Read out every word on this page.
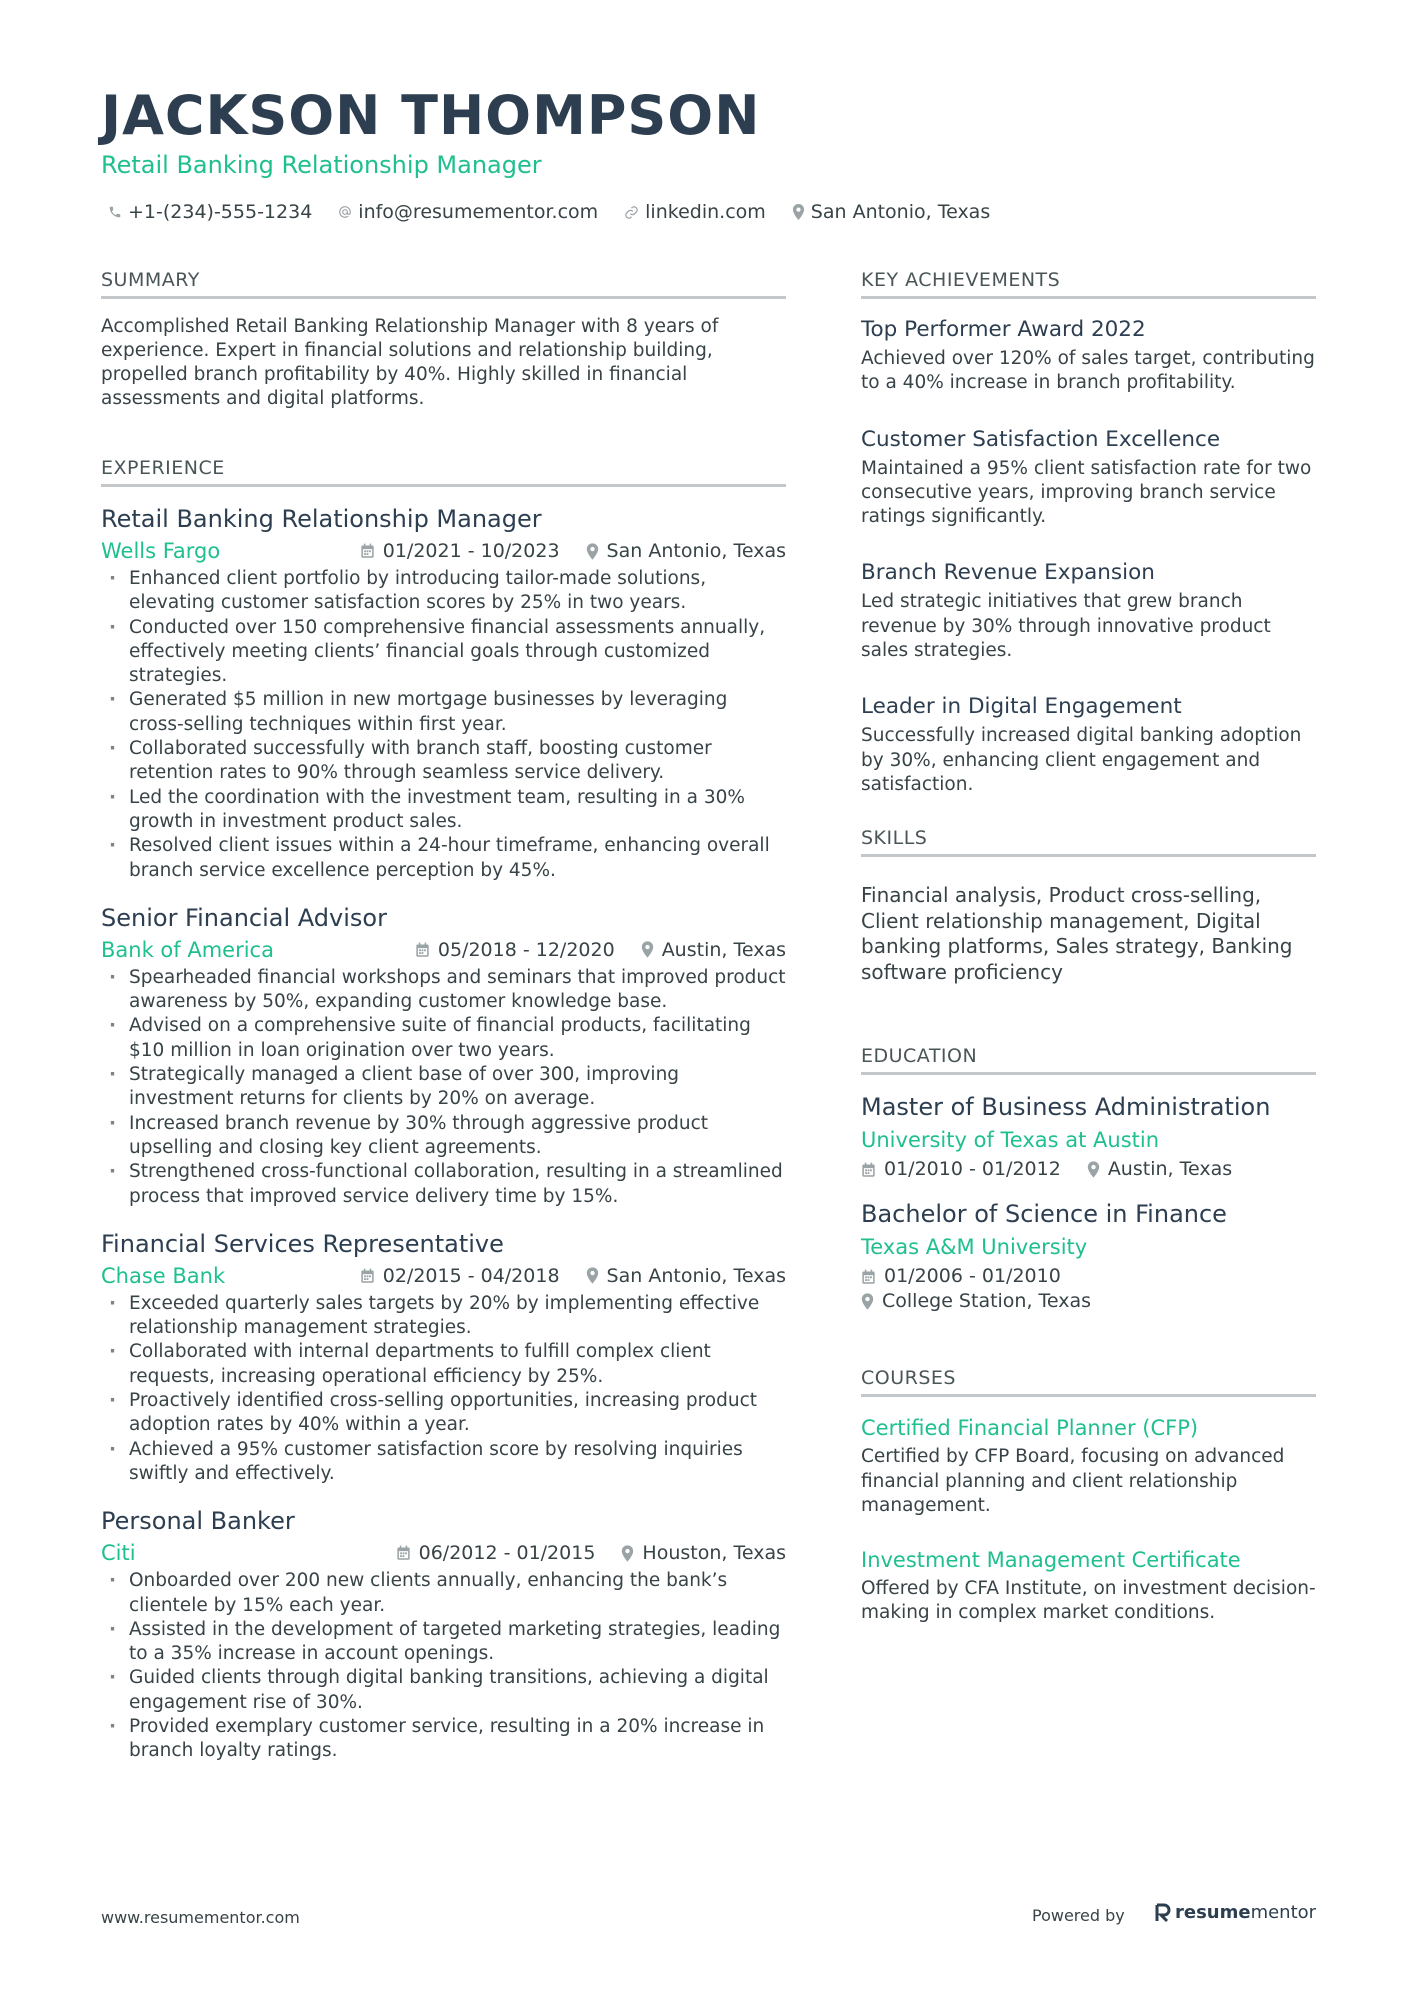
JACKSON THOMPSON
Retail Banking Relationship Manager
+1-(234)-555-1234 info@resumementor.com linkedin.com San Antonio, Texas
SUMMARY
Accomplished Retail Banking Relationship Manager with 8 years of experience. Expert in financial solutions and relationship building, propelled branch profitability by 40%. Highly skilled in financial assessments and digital platforms.
EXPERIENCE
Retail Banking Relationship Manager
Wells Fargo	01/2021 - 10/2023 San Antonio, Texas
· Enhanced client portfolio by introducing tailor-made solutions, elevating customer satisfaction scores by 25% in two years.
· Conducted over 150 comprehensive financial assessments annually, effectively meeting clients’ financial goals through customized strategies.
· Generated $5 million in new mortgage businesses by leveraging cross-selling techniques within first year.
· Collaborated successfully with branch staff, boosting customer retention rates to 90% through seamless service delivery.
· Led the coordination with the investment team, resulting in a 30% growth in investment product sales.
· Resolved client issues within a 24-hour timeframe, enhancing overall branch service excellence perception by 45%.
Senior Financial Advisor
Bank of America	05/2018 - 12/2020 Austin, Texas
· Spearheaded financial workshops and seminars that improved product awareness by 50%, expanding customer knowledge base.
· Advised on a comprehensive suite of financial products, facilitating $10 million in loan origination over two years.
· Strategically managed a client base of over 300, improving investment returns for clients by 20% on average.
· Increased branch revenue by 30% through aggressive product upselling and closing key client agreements.
· Strengthened cross-functional collaboration, resulting in a streamlined process that improved service delivery time by 15%.
Financial Services Representative
Chase Bank	02/2015 - 04/2018 San Antonio, Texas
· Exceeded quarterly sales targets by 20% by implementing effective relationship management strategies.
· Collaborated with internal departments to fulfill complex client requests, increasing operational efficiency by 25%.
· Proactively identified cross-selling opportunities, increasing product adoption rates by 40% within a year.
· Achieved a 95% customer satisfaction score by resolving inquiries swiftly and effectively.
Personal Banker
Citi	06/2012 - 01/2015 Houston, Texas
· Onboarded over 200 new clients annually, enhancing the bank’s clientele by 15% each year.
· Assisted in the development of targeted marketing strategies, leading to a 35% increase in account openings.
· Guided clients through digital banking transitions, achieving a digital engagement rise of 30%.
· Provided exemplary customer service, resulting in a 20% increase in branch loyalty ratings.
KEY ACHIEVEMENTS
Top Performer Award 2022
Achieved over 120% of sales target, contributing to a 40% increase in branch profitability.
Customer Satisfaction Excellence
Maintained a 95% client satisfaction rate for two consecutive years, improving branch service ratings significantly.
Branch Revenue Expansion
Led strategic initiatives that grew branch revenue by 30% through innovative product sales strategies.
Leader in Digital Engagement
Successfully increased digital banking adoption by 30%, enhancing client engagement and satisfaction.
SKILLS
Financial analysis, Product cross-selling, Client relationship management, Digital banking platforms, Sales strategy, Banking software proficiency
EDUCATION
Master of Business Administration
University of Texas at Austin
01/2010 - 01/2012 Austin, Texas
Bachelor of Science in Finance
Texas A&M University
01/2006 - 01/2010
College Station, Texas
COURSES
Certified Financial Planner (CFP)
Certified by CFP Board, focusing on advanced financial planning and client relationship management.
Investment Management Certificate
Offered by CFA Institute, on investment decision-making in complex market conditions.
www.resumementor.com	Powered by	resume mentor
